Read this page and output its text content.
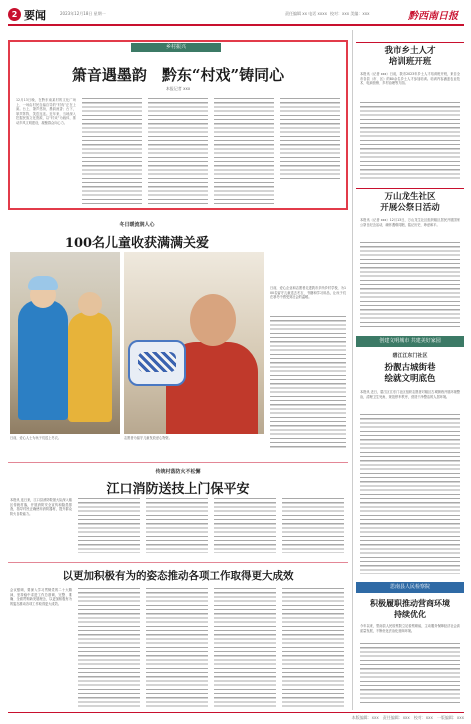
2 要闻	2023年12月18日 星期一	责任编辑 xx 电话 xxxx 校对：xxx 美编：xxx	黔西南日报
乡村振兴
箫音遇墨韵　黔东“村戏”铸同心
本报记者 xxx
12月13日晚，在黔东南某村的文化广场上，一场由村民自编自导的“村戏”正在上演。台上，箫声悠扬，墨韵流香；台下，掌声阵阵，笑语连连。近年来，当地深入挖掘民族文化资源，以“村戏”为载体，推动乡风文明建设，凝聚群众向心力。
我市乡土人才
培训班开班
本报讯（记者 xxx）日前，我市2023年乡土人才培训班开班，来自全市各县（市、区）的80余名乡土人才参加培训。培训内容涵盖农业技术、电商营销、乡村治理等方面。
万山龙生社区
开展公祭日活动
本报讯（记者 xxx）12月13日，万山龙生社区组织辖区居民开展国家公祭日纪念活动，缅怀遇难同胞，铭记历史，珍爱和平。
创建文明城市 共建美好家园
碧江江东门社区
扮靓古城街巷
绘就文明底色
本报讯 近日，碧江区江东门社区组织志愿者对辖区古城街巷开展环境整治，清理卫生死角，规范停车秩序，营造干净整洁的人居环境。
思南县人民检察院
积极履职推动营商环境
持续优化
今年以来，思南县人民检察院立足检察职能，主动服务保障经济社会高质量发展，不断优化法治化营商环境。
冬日暖流润人心
100名儿童收获满满关爱
日前，爱心人士为孩子们送上冬衣。	志愿者为留守儿童发放爱心物资。
日前，爱心企业和志愿者走进我市多所乡村学校，为100名留守儿童送去冬衣、书籍和学习用品，让孩子们在寒冬中感受到社会的温暖。
传统村落防火不松懈
江口消防送技上门保平安
本报讯 连日来，江口县消防救援大队深入辖区传统村落，开展消防安全宣传和隐患排查，指导村民正确使用消防器材，提升群众防火自救能力。
以更加积极有为的姿态推动各项工作取得更大成效
会议强调，要深入学习贯彻党的二十大精神，坚持稳中求进工作总基调，完整、准确、全面贯彻新发展理念，以更加积极有为的姿态推动各项工作取得更大成效。
本版编辑：xxx　责任编辑：xxx　校对：xxx　一版编辑：xxx
